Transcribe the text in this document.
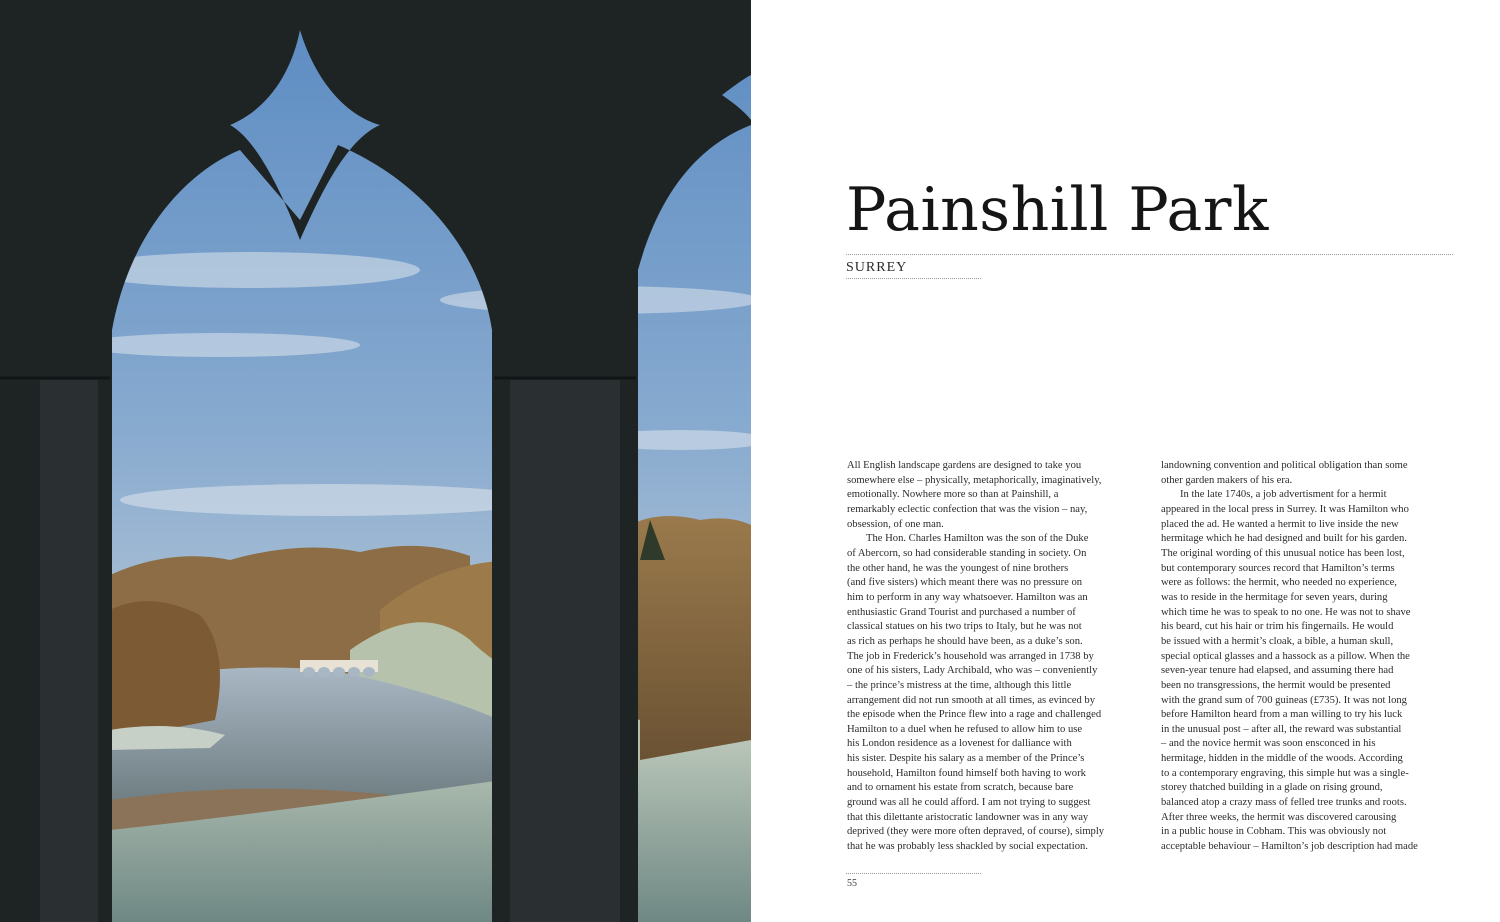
Painshill Park
SURREY

All English landscape gardens are designed to take you
somewhere else – physically, metaphorically, imaginatively,
emotionally. Nowhere more so than at Painshill, a
remarkably eclectic confection that was the vision – nay,
obsession, of one man.

The Hon. Charles Hamilton was the son of the Duke
of Abercorn, so had considerable standing in society. On
the other hand, he was the youngest of nine brothers
(and five sisters) which meant there was no pressure on
him to perform in any way whatsoever. Hamilton was an
enthusiastic Grand Tourist and purchased a number of
classical statues on his two trips to Italy, but he was not
as rich as perhaps he should have been, as a duke’s son.
The job in Frederick’s household was arranged in 1738 by
one of his sisters, Lady Archibald, who was – conveniently
– the prince’s mistress at the time, although this little
arrangement did not run smooth at all times, as evinced by
the episode when the Prince flew into a rage and challenged
Hamilton to a duel when he refused to allow him to use
his London residence as a lovenest for dalliance with
his sister. Despite his salary as a member of the Prince’s
household, Hamilton found himself both having to work
and to ornament his estate from scratch, because bare
ground was all he could afford. I am not trying to suggest
that this dilettante aristocratic landowner was in any way
deprived (they were more often depraved, of course), simply
that he was probably less shackled by social expectation.

landowning convention and political obligation than some
other garden makers of his era.

In the late 1740s, a job advertisment for a hermit
appeared in the local press in Surrey. It was Hamilton who
placed the ad. He wanted a hermit to live inside the new
hermitage which he had designed and built for his garden.
The original wording of this unusual notice has been lost,
but contemporary sources record that Hamilton’s terms
were as follows: the hermit, who needed no experience,
was to reside in the hermitage for seven years, during
which time he was to speak to no one. He was not to shave
his beard, cut his hair or trim his fingernails. He would
be issued with a hermit’s cloak, a bible, a human skull,
special optical glasses and a hassock as a pillow. When the
seven-year tenure had elapsed, and assuming there had
been no transgressions, the hermit would be presented
with the grand sum of 700 guineas (£735). It was not long
before Hamilton heard from a man willing to try his luck
in the unusual post – after all, the reward was substantial
– and the novice hermit was soon ensconced in his
hermitage, hidden in the middle of the woods. According
to a contemporary engraving, this simple hut was a single-
storey thatched building in a glade on rising ground,
balanced atop a crazy mass of felled tree trunks and roots.
After three weeks, the hermit was discovered carousing
in a public house in Cobham. This was obviously not
acceptable behaviour – Hamilton’s job description had made

55
